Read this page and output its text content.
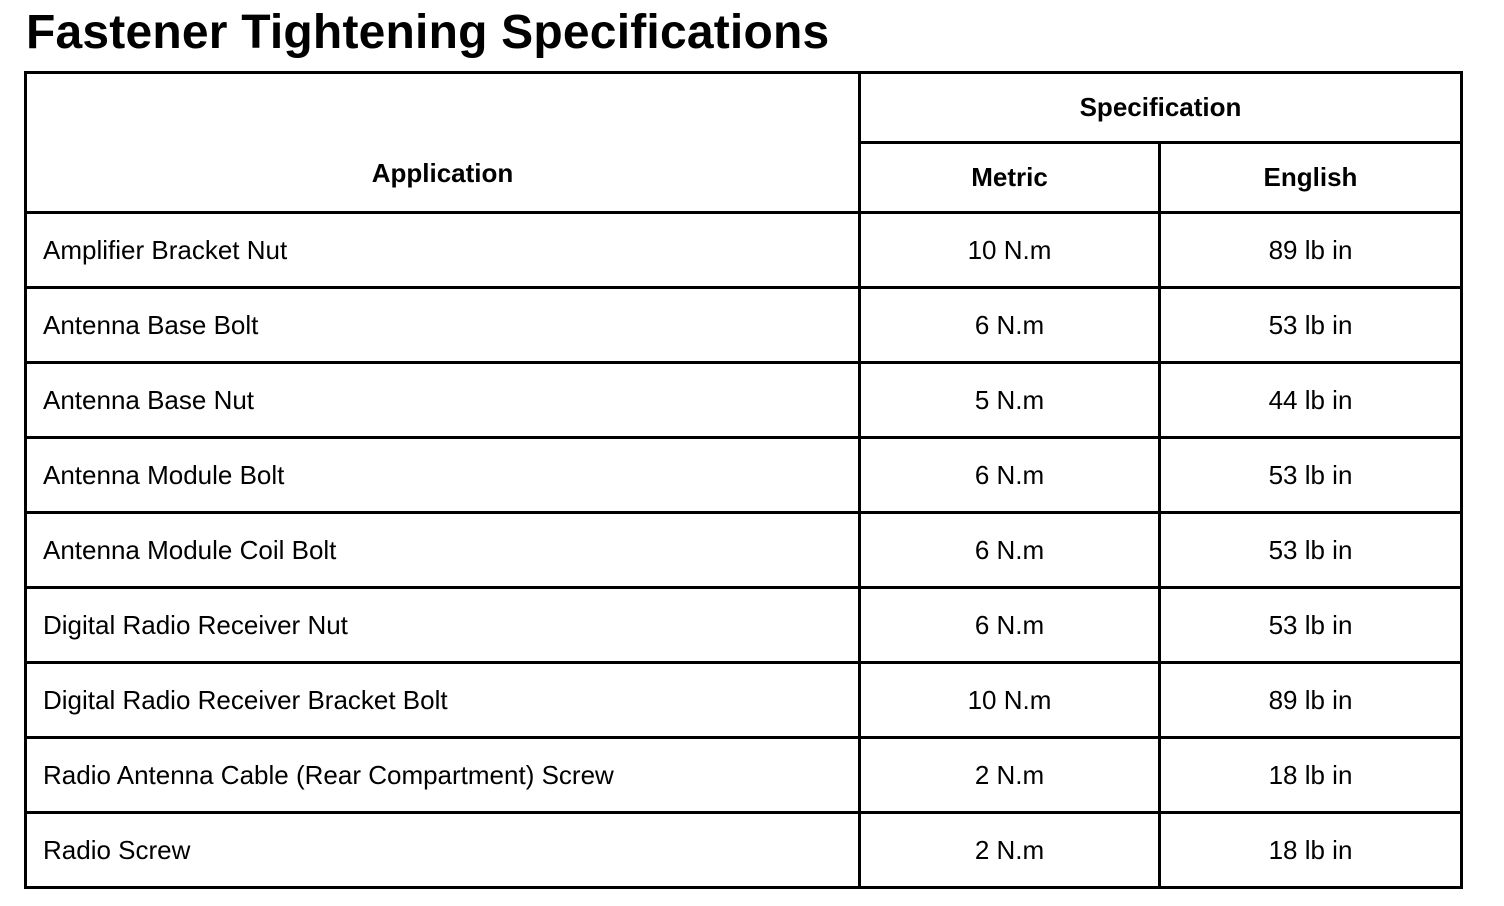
Fastener Tightening Specifications
Application	Specification	
	Metric	English
Amplifier Bracket Nut	10 N.m	89 lb in
Antenna Base Bolt	6 N.m	53 lb in
Antenna Base Nut	5 N.m	44 lb in
Antenna Module Bolt	6 N.m	53 lb in
Antenna Module Coil Bolt	6 N.m	53 lb in
Digital Radio Receiver Nut	6 N.m	53 lb in
Digital Radio Receiver Bracket Bolt	10 N.m	89 lb in
Radio Antenna Cable (Rear Compartment) Screw	2 N.m	18 lb in
Radio Screw	2 N.m	18 lb in
